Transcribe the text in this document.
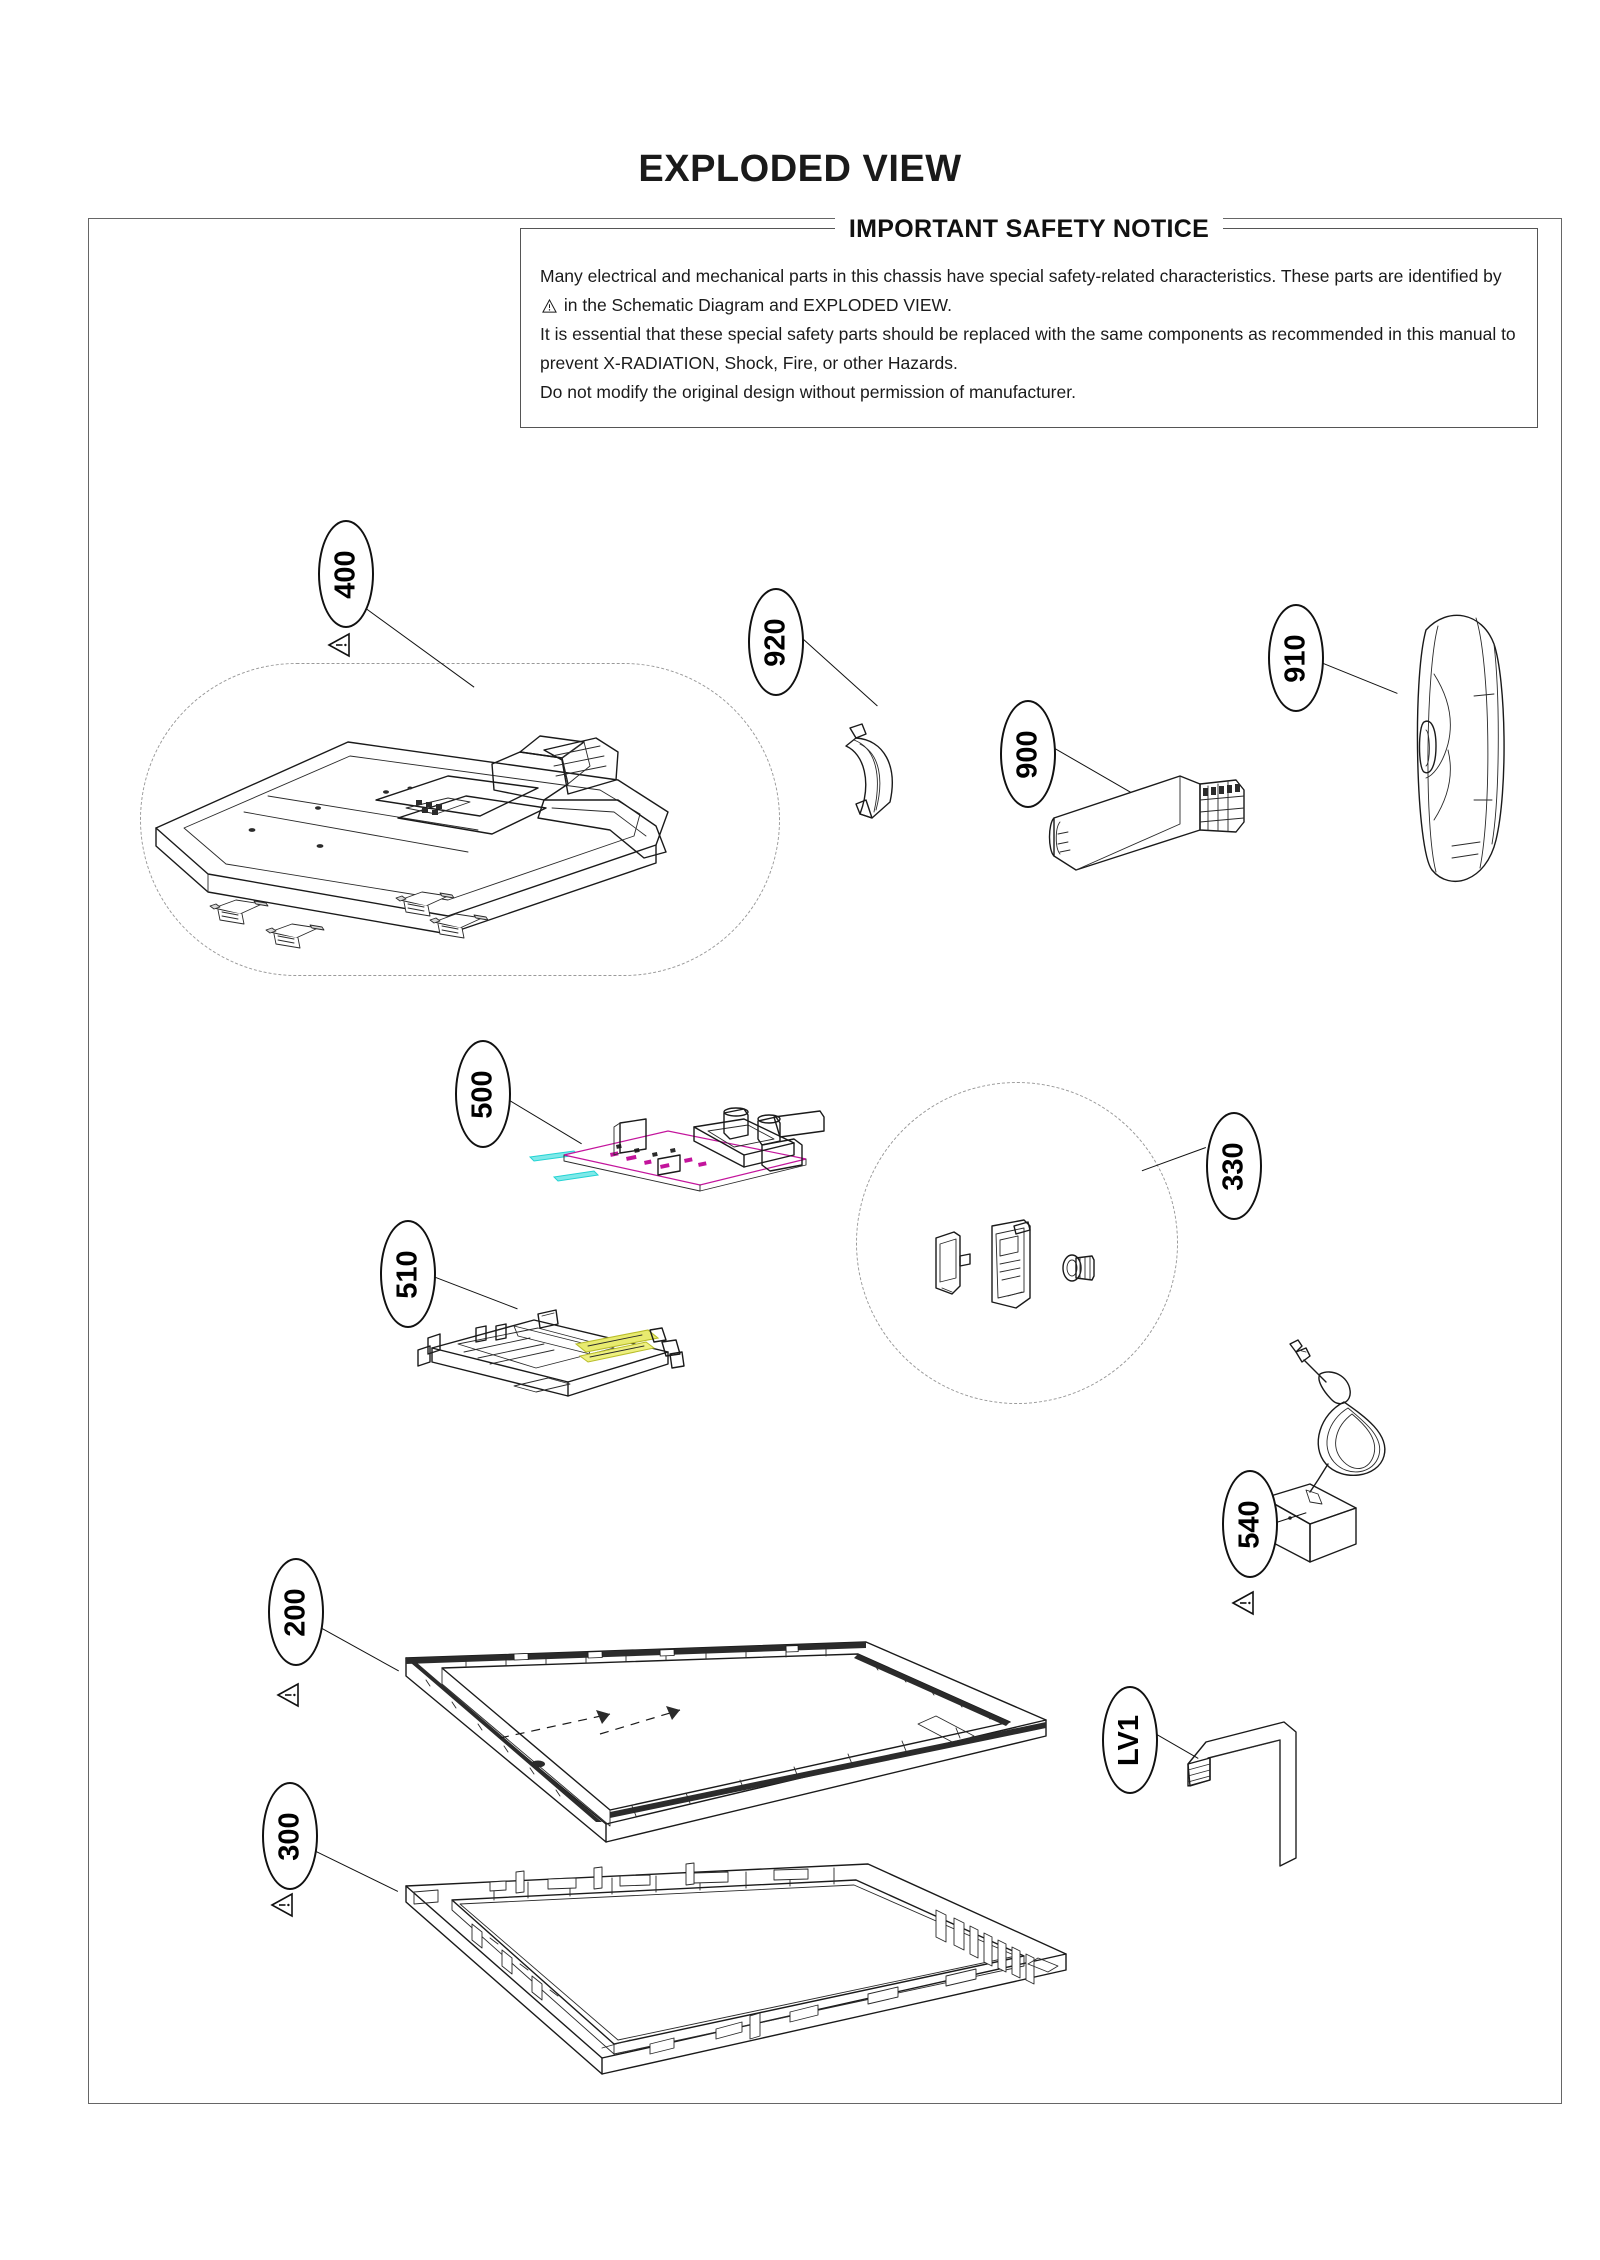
EXPLODED VIEW
IMPORTANT SAFETY NOTICE

Many electrical and mechanical parts in this chassis have special safety-related characteristics. These parts are identified by  in the Schematic Diagram and EXPLODED VIEW.

It is essential that these special safety parts should be replaced with the same components as recommended in this manual to prevent X-RADIATION, Shock, Fire, or other Hazards.

Do not modify the original design without permission of manufacturer.

400
920
900
910
500
510
330
540
200
300
LV1
